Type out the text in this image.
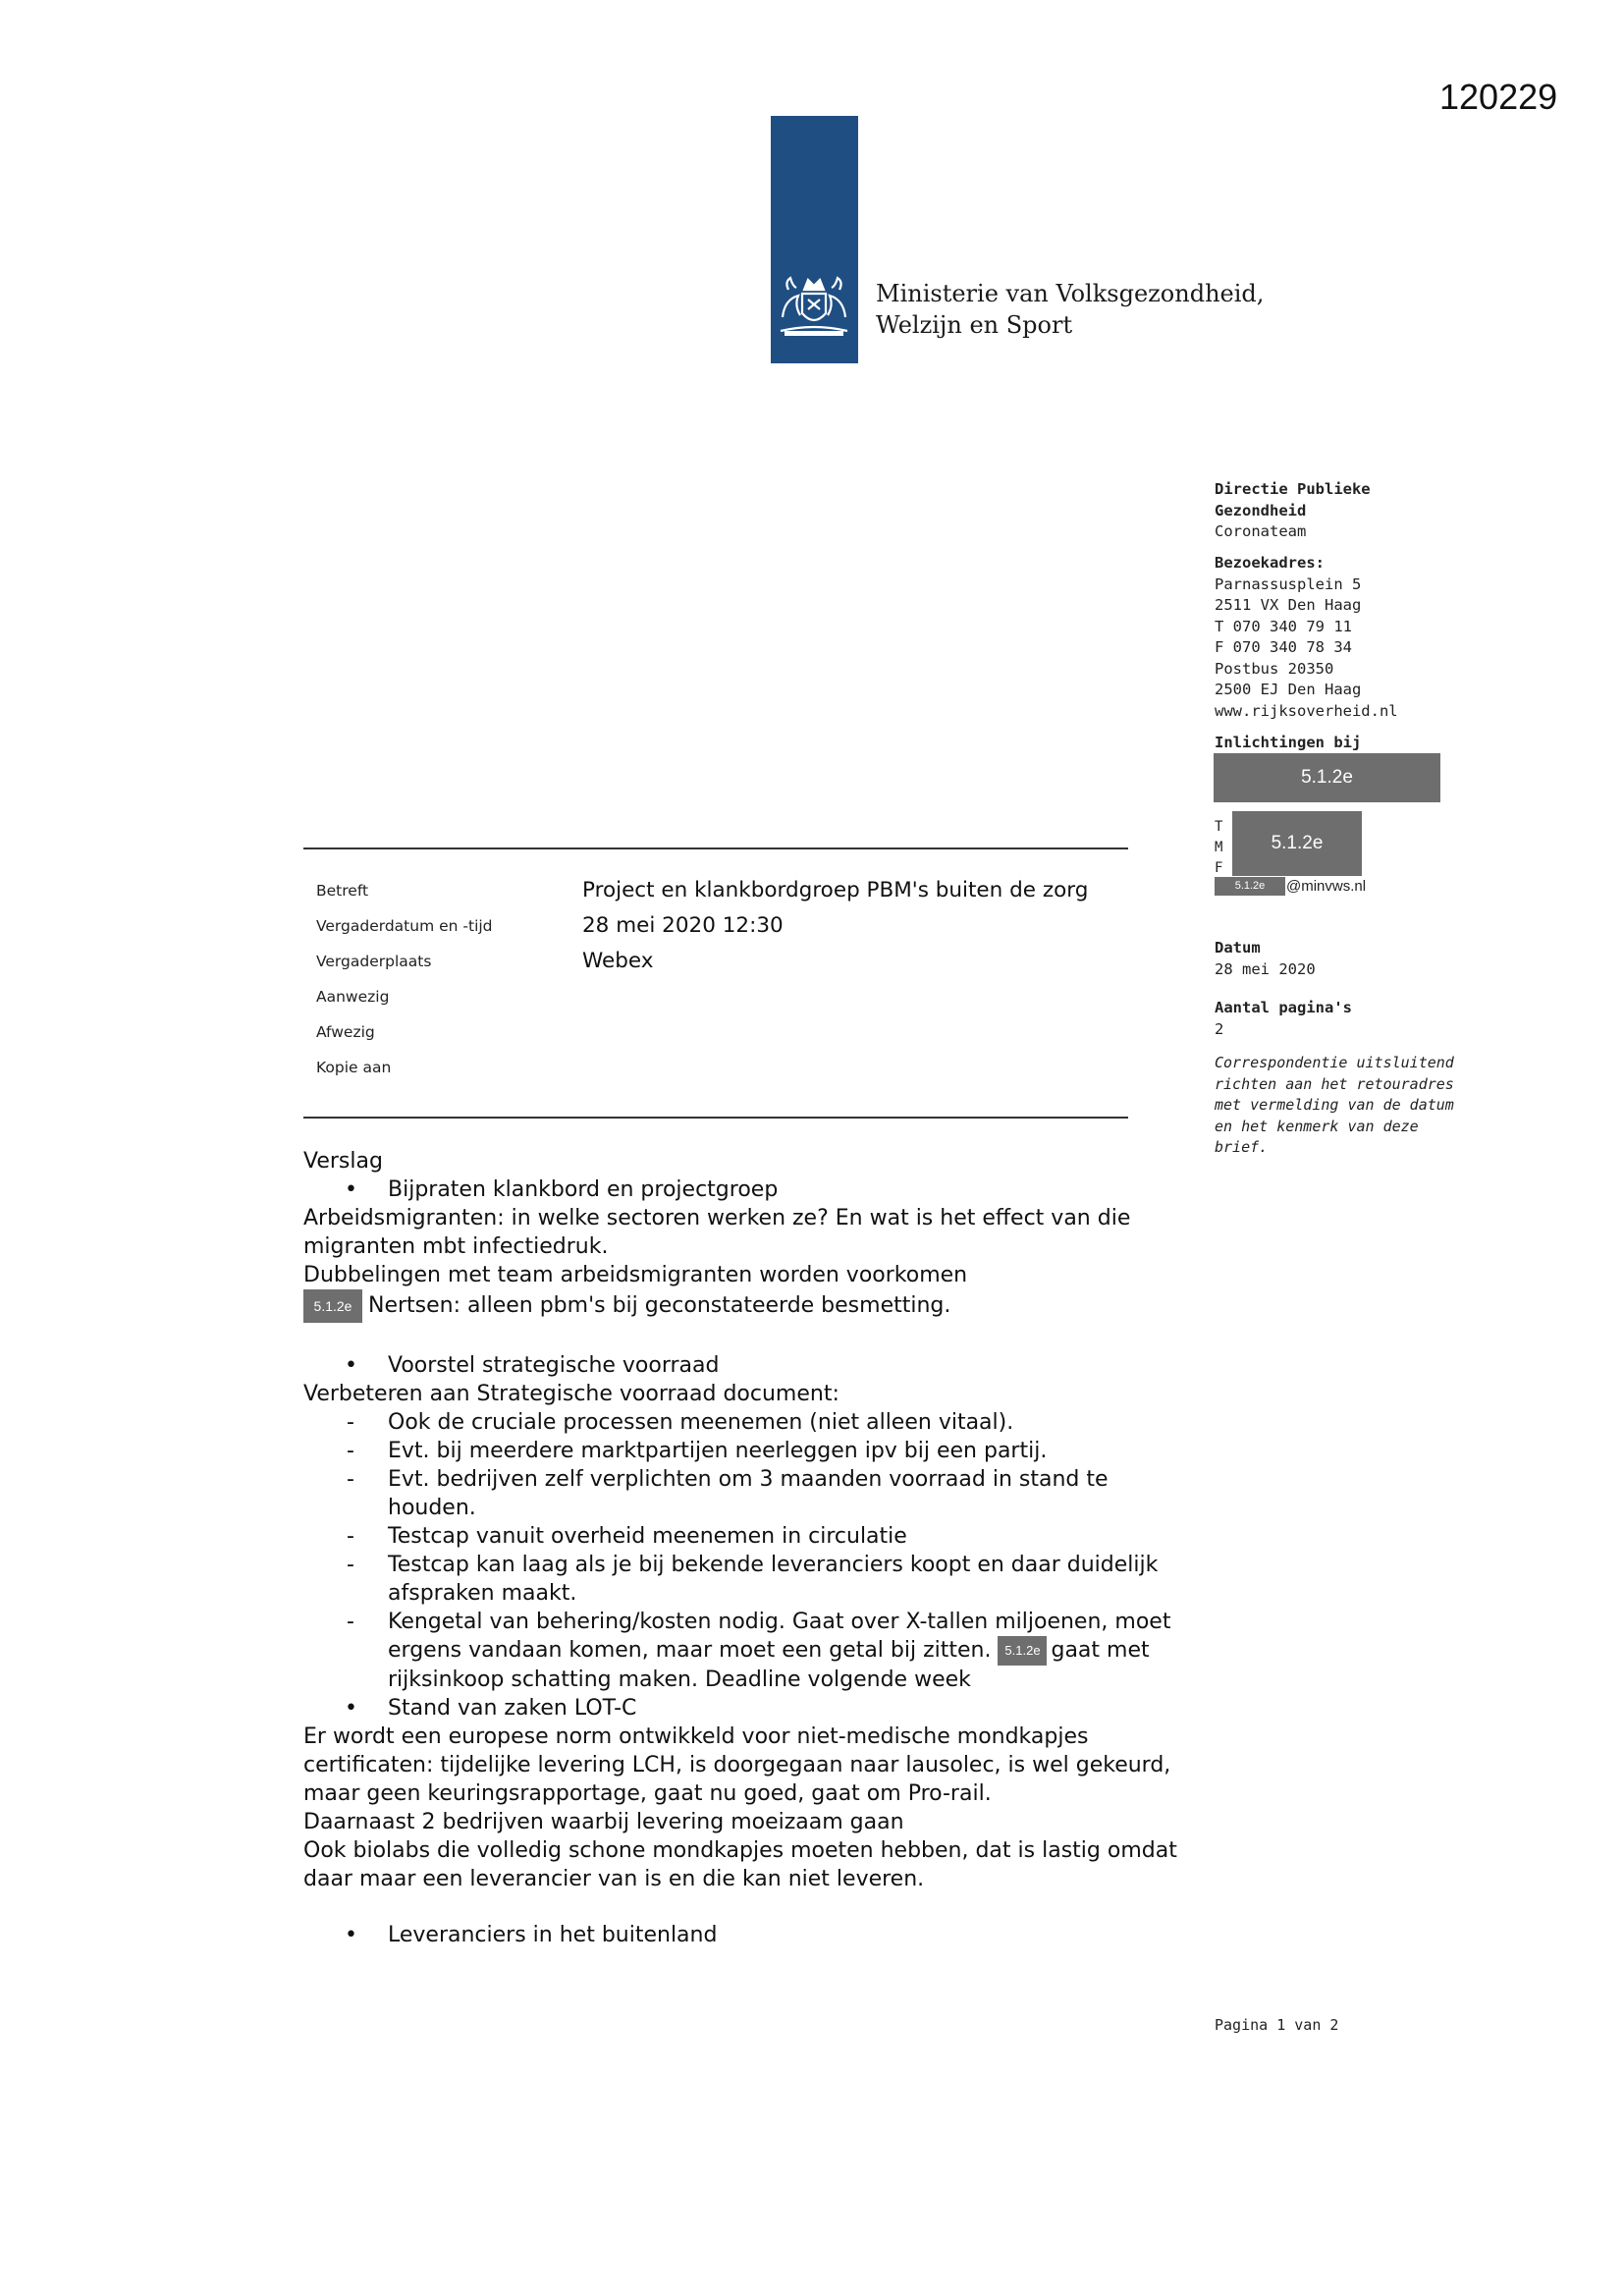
120229
Ministerie van Volksgezondheid,
Welzijn en Sport
Directie Publieke
Gezondheid
Coronateam
Bezoekadres:
Parnassusplein 5
2511 VX Den Haag
T 070 340 79 11
F 070 340 78 34
Postbus 20350
2500 EJ Den Haag
www.rijksoverheid.nl
Inlichtingen bij
5.1.2e
T
M
F
5.1.2e
5.1.2e	@minvws.nl
Datum
28 mei 2020
Aantal pagina's
2
Correspondentie uitsluitend richten aan het retouradres met vermelding van de datum en het kenmerk van deze brief.
Betreft	Project en klankbordgroep PBM's buiten de zorg
Vergaderdatum en -tijd	28 mei 2020 12:30
Vergaderplaats	Webex
Aanwezig
Afwezig
Kopie aan

Verslag

• Bijpraten klankbord en projectgroep

Arbeidsmigranten: in welke sectoren werken ze? En wat is het effect van die

migranten mbt infectiedruk.

Dubbelingen met team arbeidsmigranten worden voorkomen

5.1.2e Nertsen: alleen pbm's bij geconstateerde besmetting.

• Voorstel strategische voorraad

Verbeteren aan Strategische voorraad document:

- Ook de cruciale processen meenemen (niet alleen vitaal).

- Evt. bij meerdere marktpartijen neerleggen ipv bij een partij.

- Evt. bedrijven zelf verplichten om 3 maanden voorraad in stand te

houden.

- Testcap vanuit overheid meenemen in circulatie

- Testcap kan laag als je bij bekende leveranciers koopt en daar duidelijk

afspraken maakt.

- Kengetal van behering/kosten nodig. Gaat over X-tallen miljoenen, moet

ergens vandaan komen, maar moet een getal bij zitten. 5.1.2e gaat met

rijksinkoop schatting maken. Deadline volgende week

• Stand van zaken LOT-C

Er wordt een europese norm ontwikkeld voor niet-medische mondkapjes

certificaten: tijdelijke levering LCH, is doorgegaan naar lausolec, is wel gekeurd,

maar geen keuringsrapportage, gaat nu goed, gaat om Pro-rail.

Daarnaast 2 bedrijven waarbij levering moeizaam gaan

Ook biolabs die volledig schone mondkapjes moeten hebben, dat is lastig omdat

daar maar een leverancier van is en die kan niet leveren.

• Leveranciers in het buitenland

Pagina 1 van 2
